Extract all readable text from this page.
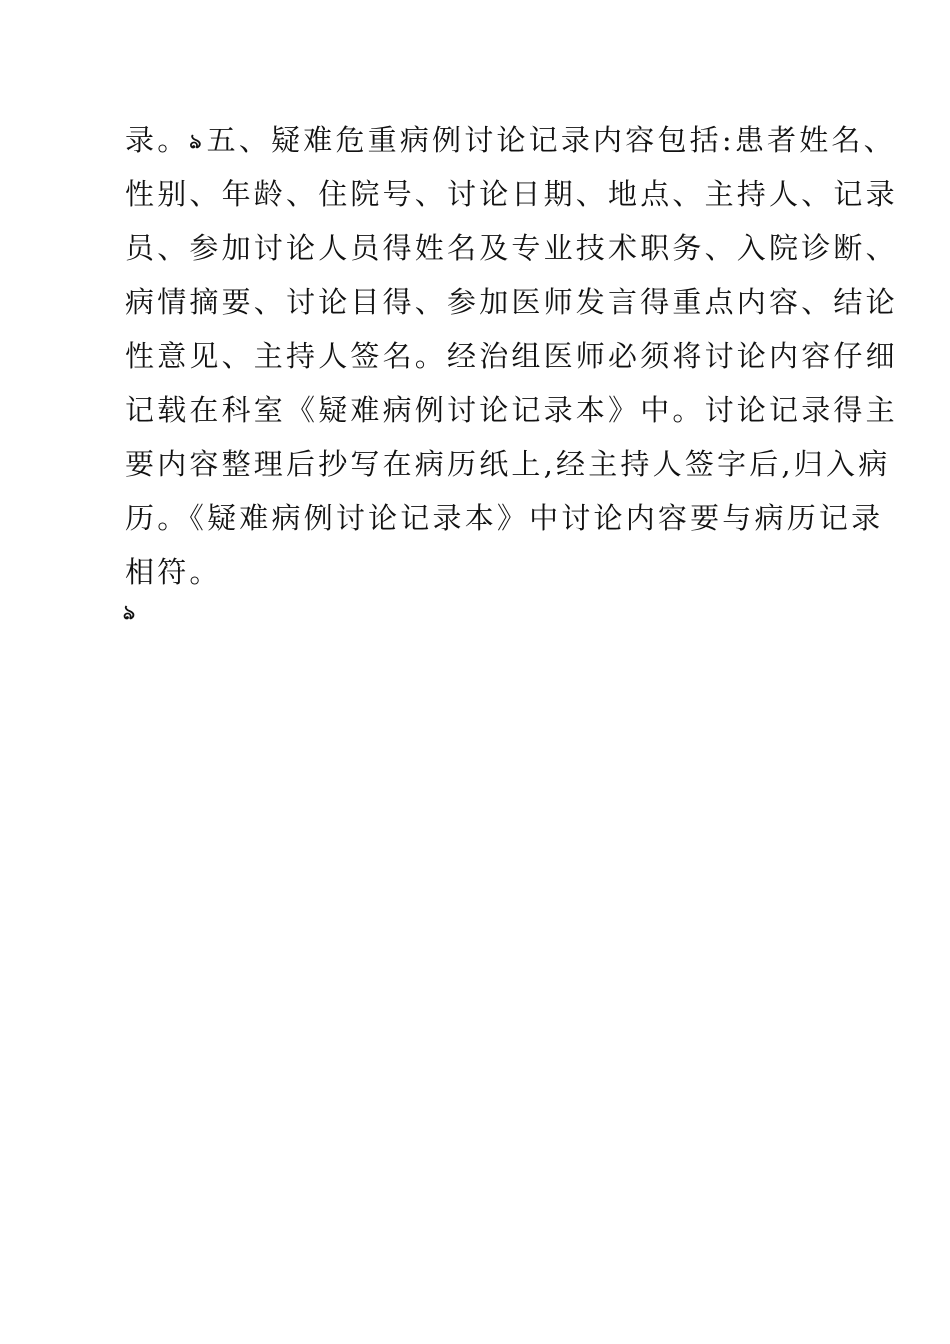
录。ঌ五、疑难危重病例讨论记录内容包括:患者姓名、
性别、年龄、住院号、讨论日期、地点、主持人、记录
员、参加讨论人员得姓名及专业技术职务、入院诊断、
病情摘要、讨论目得、参加医师发言得重点内容、结论
性意见、主持人签名。经治组医师必须将讨论内容仔细
记载在科室《疑难病例讨论记录本》中。讨论记录得主
要内容整理后抄写在病历纸上,经主持人签字后,归入病
历。《疑难病例讨论记录本》中讨论内容要与病历记录
相符。
ঌ
